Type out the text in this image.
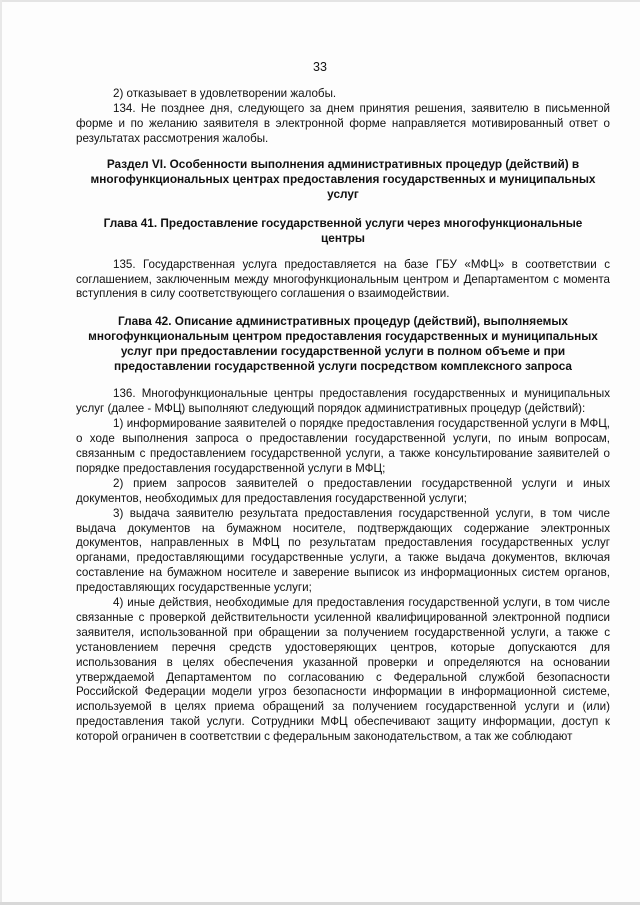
33

2) отказывает в удовлетворении жалобы.

134. Не позднее дня, следующего за днем принятия решения, заявителю в письменной форме и по желанию заявителя в электронной форме направляется мотивированный ответ о результатах рассмотрения жалобы.

Раздел VI. Особенности выполнения административных процедур (действий) в многофункциональных центрах предоставления государственных и муниципальных услуг

Глава 41. Предоставление государственной услуги через многофункциональные центры

135. Государственная услуга предоставляется на базе ГБУ «МФЦ» в соответствии с соглашением, заключенным между многофункциональным центром и Департаментом с момента вступления в силу соответствующего соглашения о взаимодействии.

Глава 42. Описание административных процедур (действий), выполняемых многофункциональным центром предоставления государственных и муниципальных услуг при предоставлении государственной услуги в полном объеме и при предоставлении государственной услуги посредством комплексного запроса

136. Многофункциональные центры предоставления государственных и муниципальных услуг (далее - МФЦ) выполняют следующий порядок административных процедур (действий):

1) информирование заявителей о порядке предоставления государственной услуги в МФЦ, о ходе выполнения запроса о предоставлении государственной услуги, по иным вопросам, связанным с предоставлением государственной услуги, а также консультирование заявителей о порядке предоставления государственной услуги в МФЦ;

2) прием запросов заявителей о предоставлении государственной услуги и иных документов, необходимых для предоставления государственной услуги;

3) выдача заявителю результата предоставления государственной услуги, в том числе выдача документов на бумажном носителе, подтверждающих содержание электронных документов, направленных в МФЦ по результатам предоставления государственных услуг органами, предоставляющими государственные услуги, а также выдача документов, включая составление на бумажном носителе и заверение выписок из информационных систем органов, предоставляющих государственные услуги;

4) иные действия, необходимые для предоставления государственной услуги, в том числе связанные с проверкой действительности усиленной квалифицированной электронной подписи заявителя, использованной при обращении за получением государственной услуги, а также с установлением перечня средств удостоверяющих центров, которые допускаются для использования в целях обеспечения указанной проверки и определяются на основании утверждаемой Департаментом по согласованию с Федеральной службой безопасности Российской Федерации модели угроз безопасности информации в информационной системе, используемой в целях приема обращений за получением государственной услуги и (или) предоставления такой услуги. Сотрудники МФЦ обеспечивают защиту информации, доступ к которой ограничен в соответствии с федеральным законодательством, а так же соблюдают
